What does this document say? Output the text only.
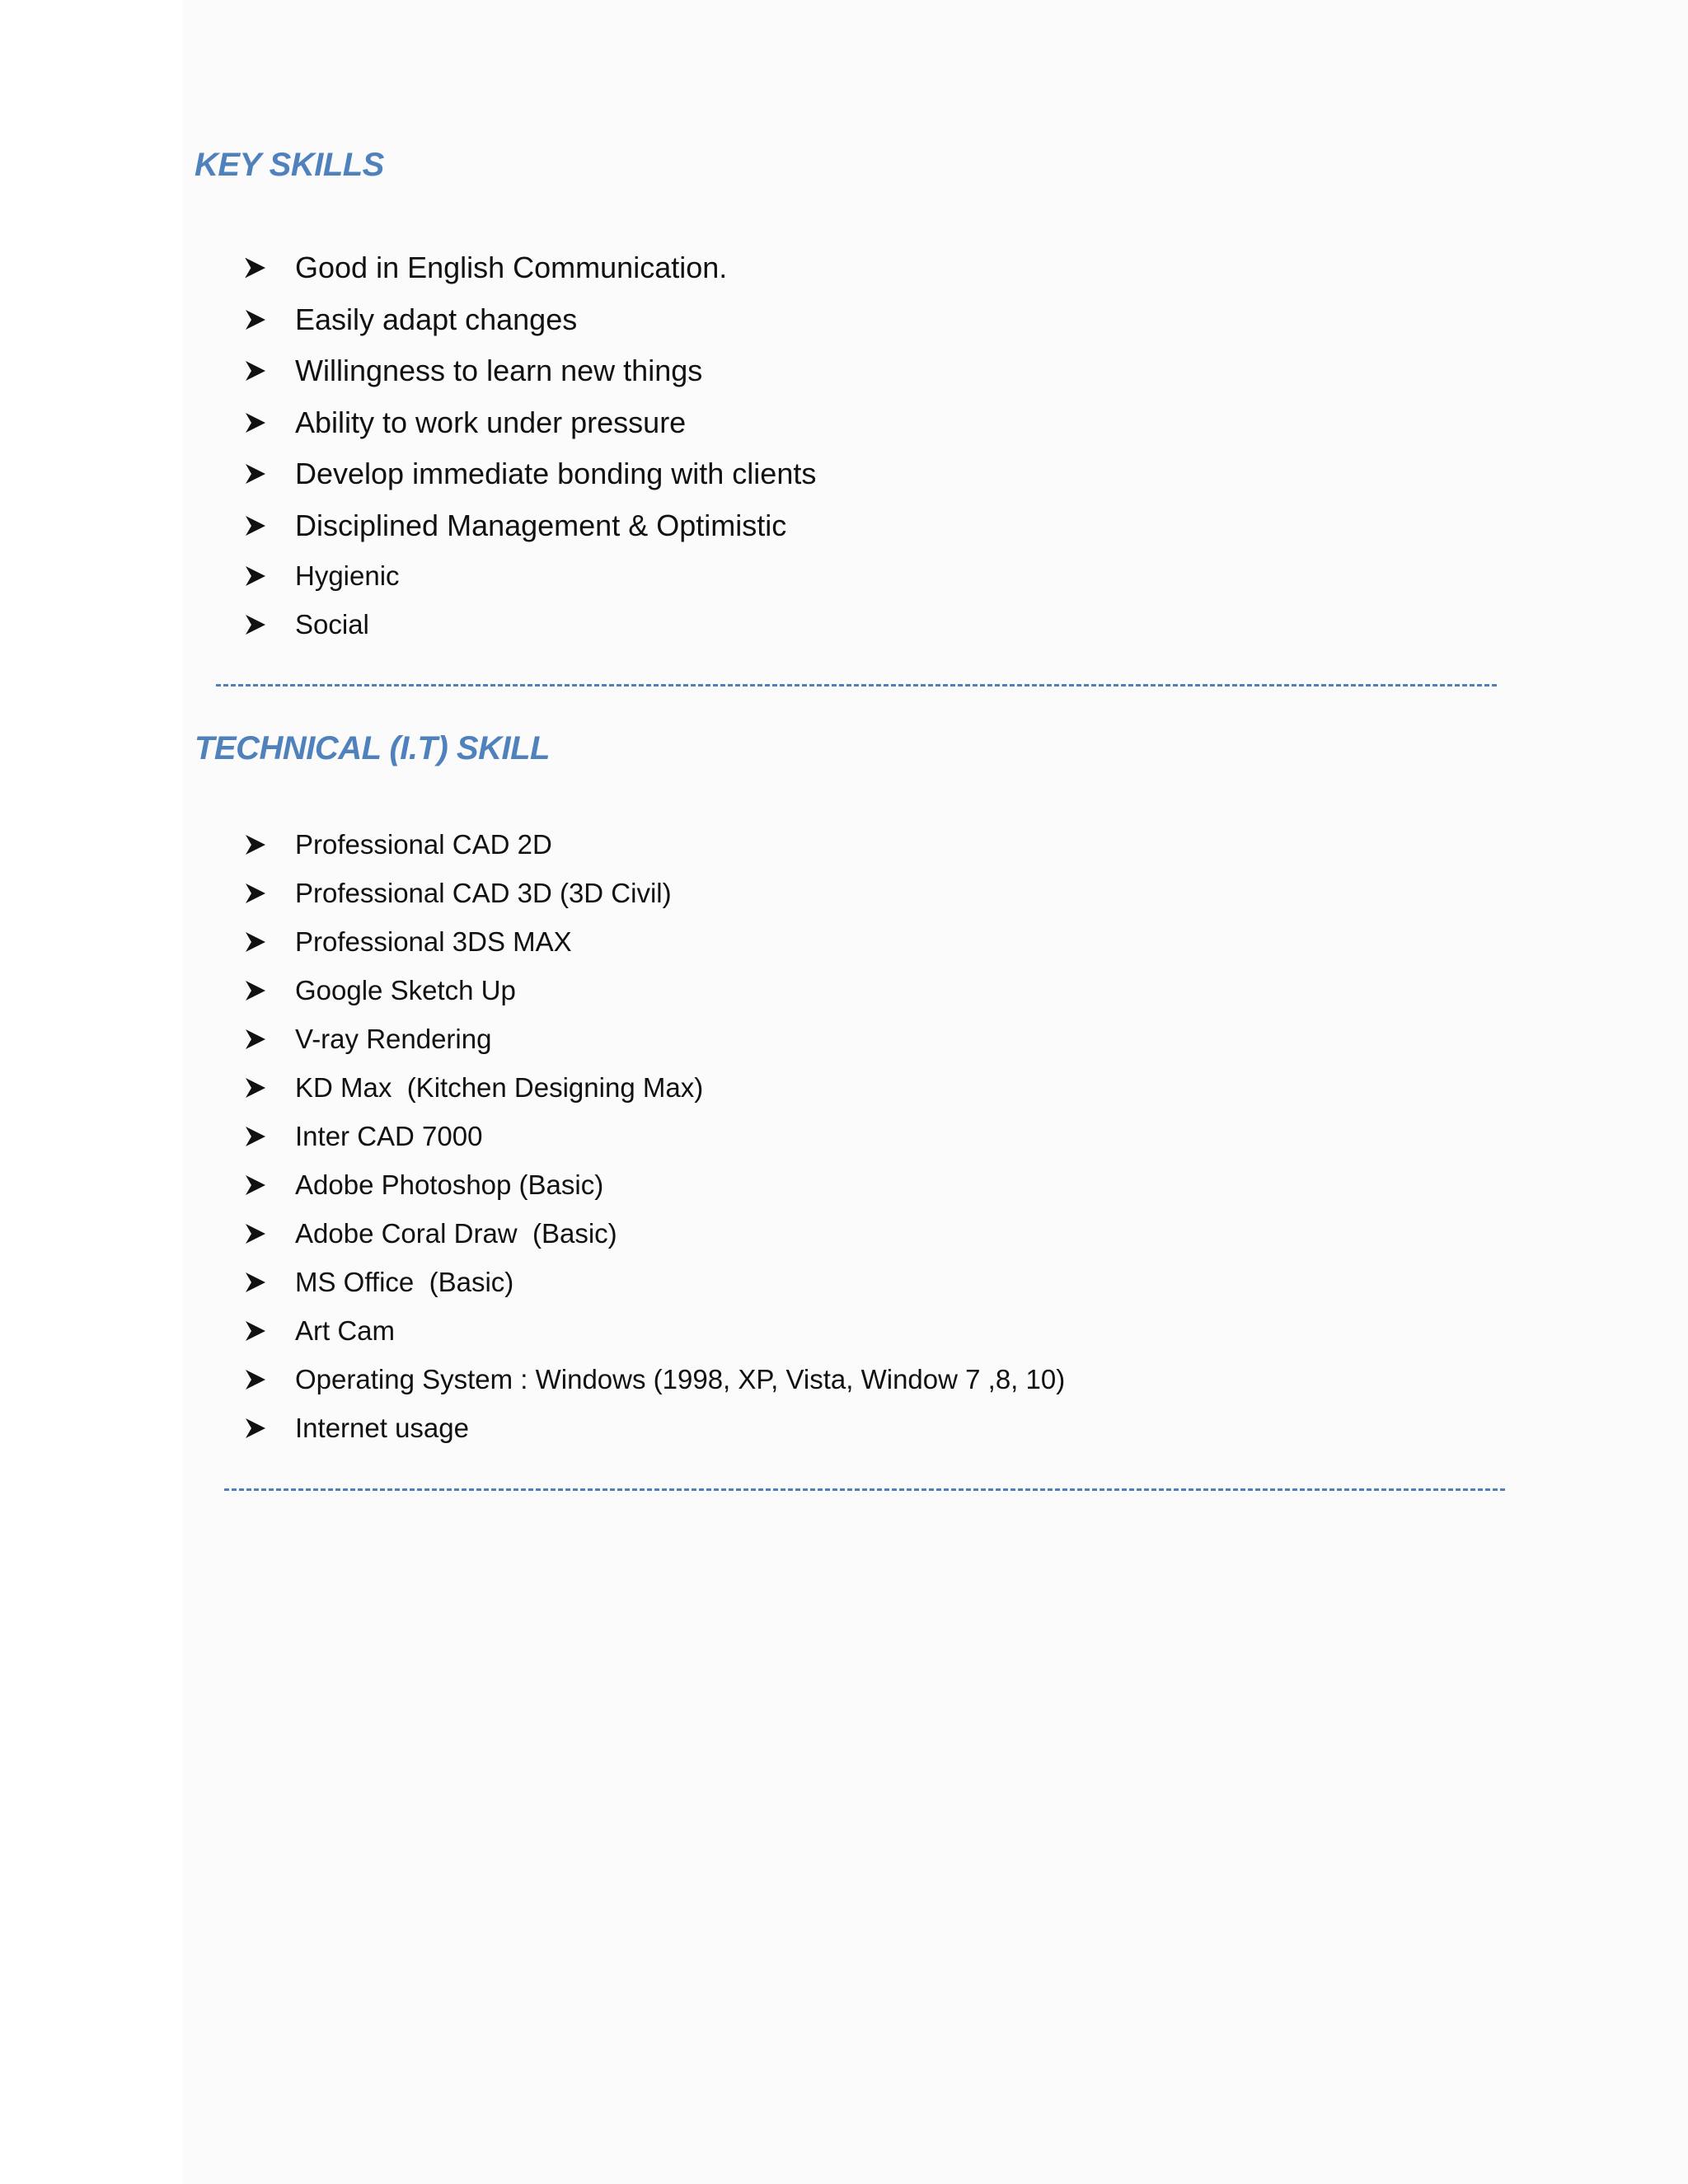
KEY SKILLS
Good in English Communication.
Easily adapt changes
Willingness to learn new things
Ability to work under pressure
Develop immediate bonding with clients
Disciplined Management & Optimistic
Hygienic
Social
TECHNICAL (I.T) SKILL
Professional CAD 2D
Professional CAD 3D (3D Civil)
Professional 3DS MAX
Google Sketch Up
V-ray Rendering
KD Max  (Kitchen Designing Max)
Inter CAD 7000
Adobe Photoshop (Basic)
Adobe Coral Draw  (Basic)
MS Office  (Basic)
Art Cam
Operating System : Windows (1998, XP, Vista, Window 7 ,8, 10)
Internet usage
